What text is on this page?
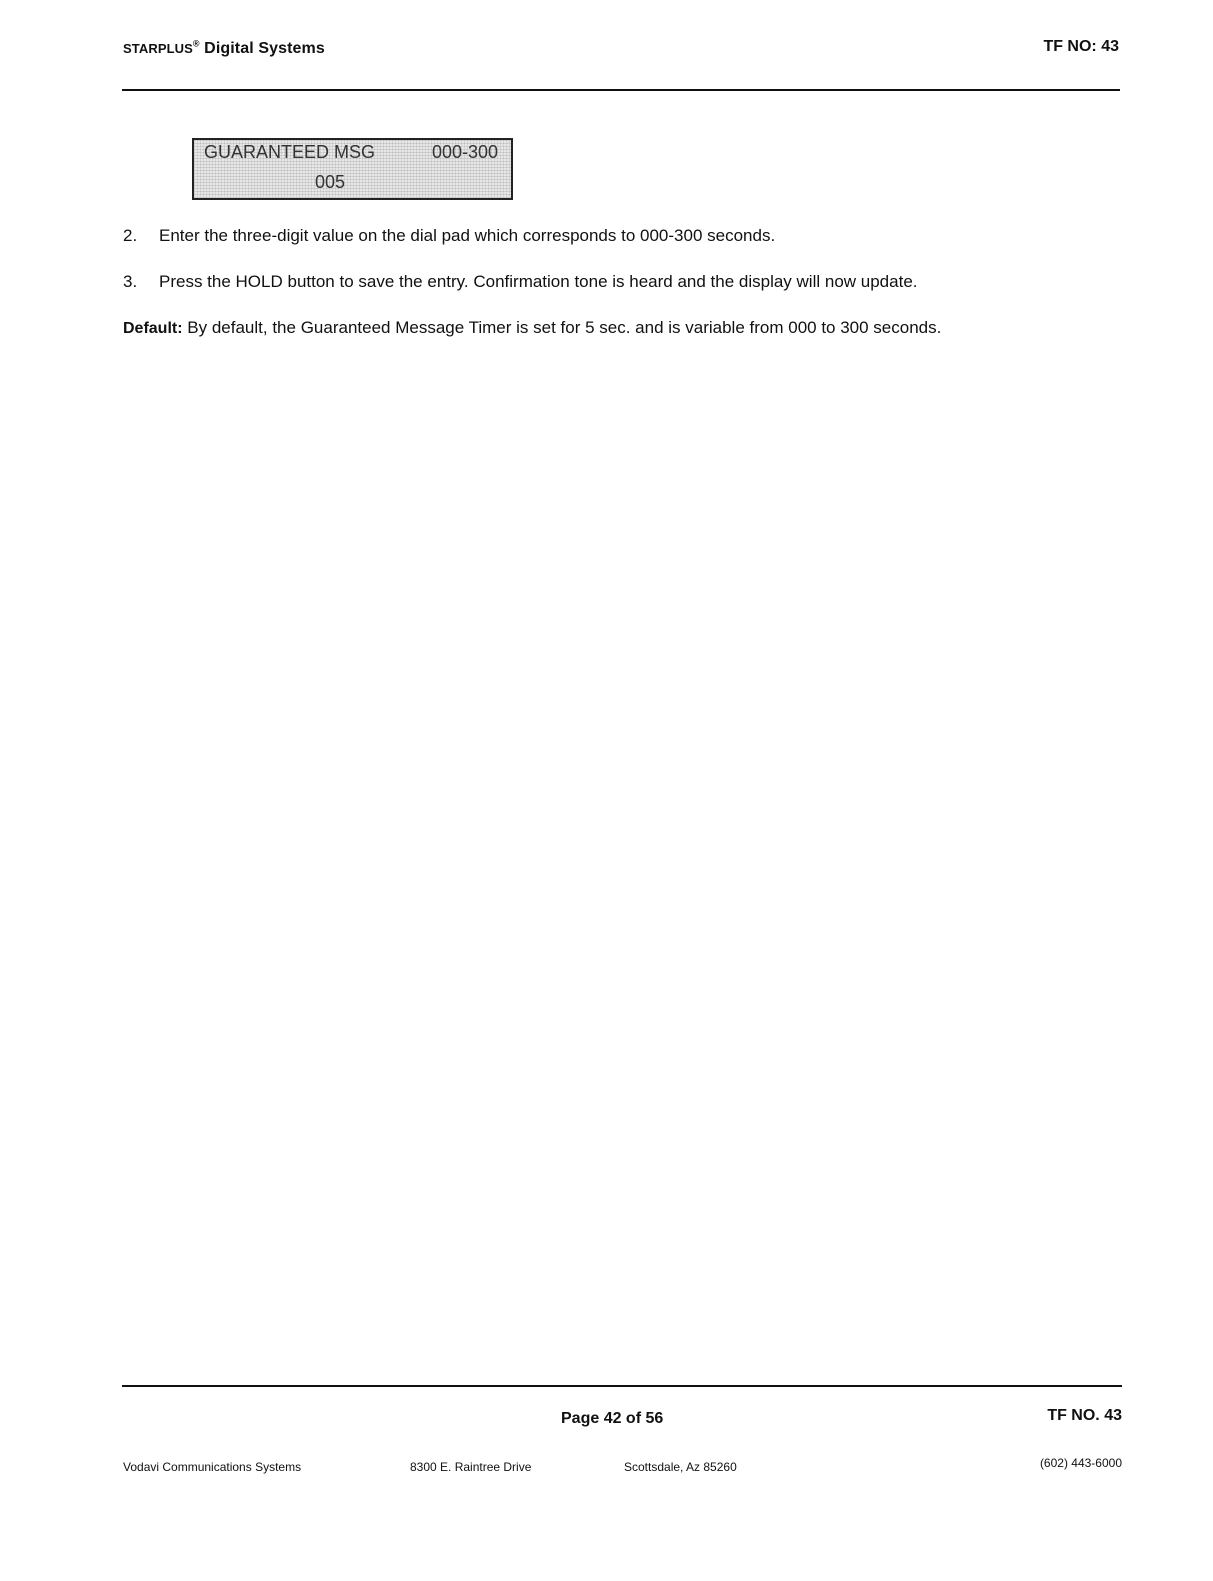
STARPLUS® Digital Systems	TF NO: 43
GUARANTEED MSG	000-300
005
2. Enter the three-digit value on the dial pad which corresponds to 000-300 seconds.
3. Press the HOLD button to save the entry. Confirmation tone is heard and the display will now update.
Default: By default, the Guaranteed Message Timer is set for 5 sec. and is variable from 000 to 300 seconds.
Page 42 of 56	TF NO. 43
Vodavi Communications Systems	8300 E. Raintree Drive	Scottsdale, Az 85260	(602) 443-6000
